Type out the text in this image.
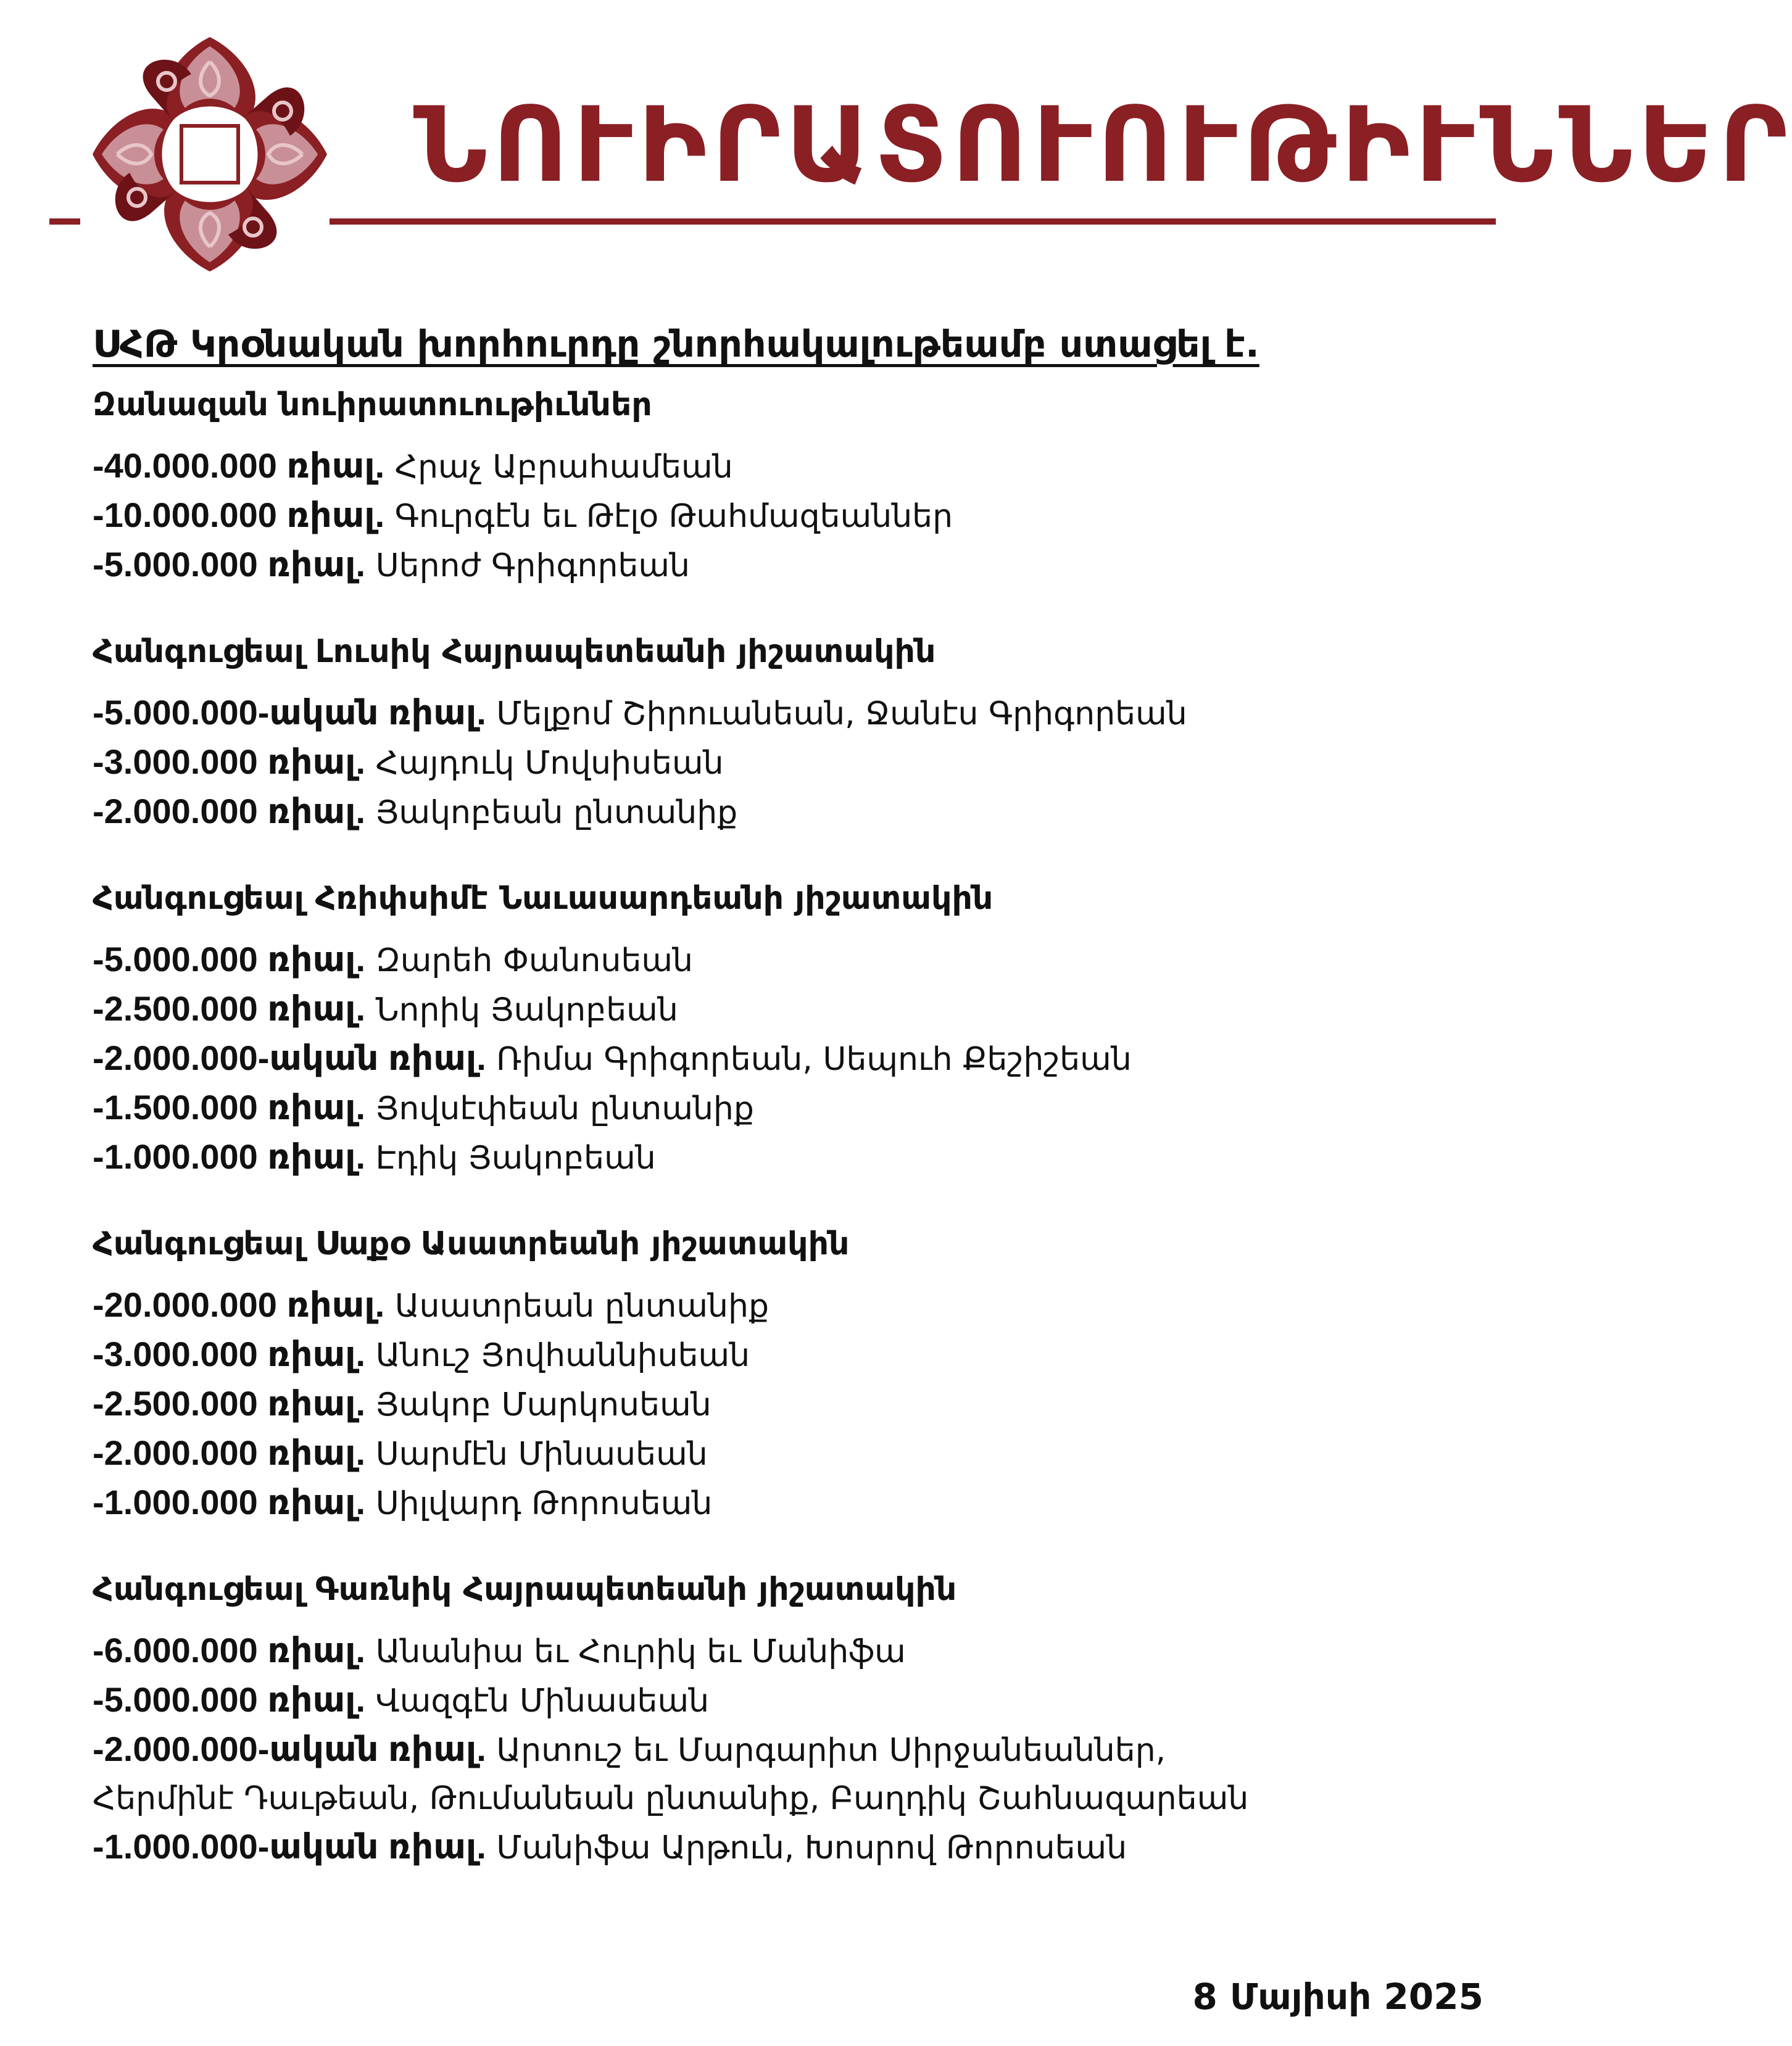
ՆՈՒԻՐԱՏՈՒՈՒԹԻՒՆՆԵՐ
ՍՀԹ Կրօնական խորհուրդը շնորհակալութեամբ ստացել է.
Զանազան նուիրատուութիւններ
-40.000.000 ռիալ. Հրաչ Աբրահամեան
-10.000.000 ռիալ. Գուրգէն եւ Թէլօ Թահմազեաններ
-5.000.000 ռիալ. Սերոժ Գրիգորեան
Հանգուցեալ Լուսիկ Հայրապետեանի յիշատակին
-5.000.000-ական ռիալ. Մելքոմ Շիրուանեան, Ջանէս Գրիգորեան
-3.000.000 ռիալ. Հայդուկ Մովսիսեան
-2.000.000 ռիալ. Յակոբեան ընտանիք
Հանգուցեալ Հռիփսիմէ Նաւասարդեանի յիշատակին
-5.000.000 ռիալ. Զարեհ Փանոսեան
-2.500.000 ռիալ. Նորիկ Յակոբեան
-2.000.000-ական ռիալ. Ռիմա Գրիգորեան, Սեպուհ Քեշիշեան
-1.500.000 ռիալ. Յովսէփեան ընտանիք
-1.000.000 ռիալ. Էդիկ Յակոբեան
Հանգուցեալ Սաքօ Ասատրեանի յիշատակին
-20.000.000 ռիալ. Ասատրեան ընտանիք
-3.000.000 ռիալ. Անուշ Յովհաննիսեան
-2.500.000 ռիալ. Յակոբ Մարկոսեան
-2.000.000 ռիալ. Սարմէն Մինասեան
-1.000.000 ռիալ. Սիլվարդ Թորոսեան
Հանգուցեալ Գառնիկ Հայրապետեանի յիշատակին
-6.000.000 ռիալ. Անանիա եւ Հուրիկ եւ Մանիֆա
-5.000.000 ռիալ. Վազգէն Մինասեան
-2.000.000-ական ռիալ. Արտուշ եւ Մարգարիտ Սիրջանեաններ,
Հերմինէ Դաւթեան, Թումանեան ընտանիք, Բաղդիկ Շահնազարեան
-1.000.000-ական ռիալ. Մանիֆա Արթուն, Խոսրով Թորոսեան
8 Մայիսի 2025
